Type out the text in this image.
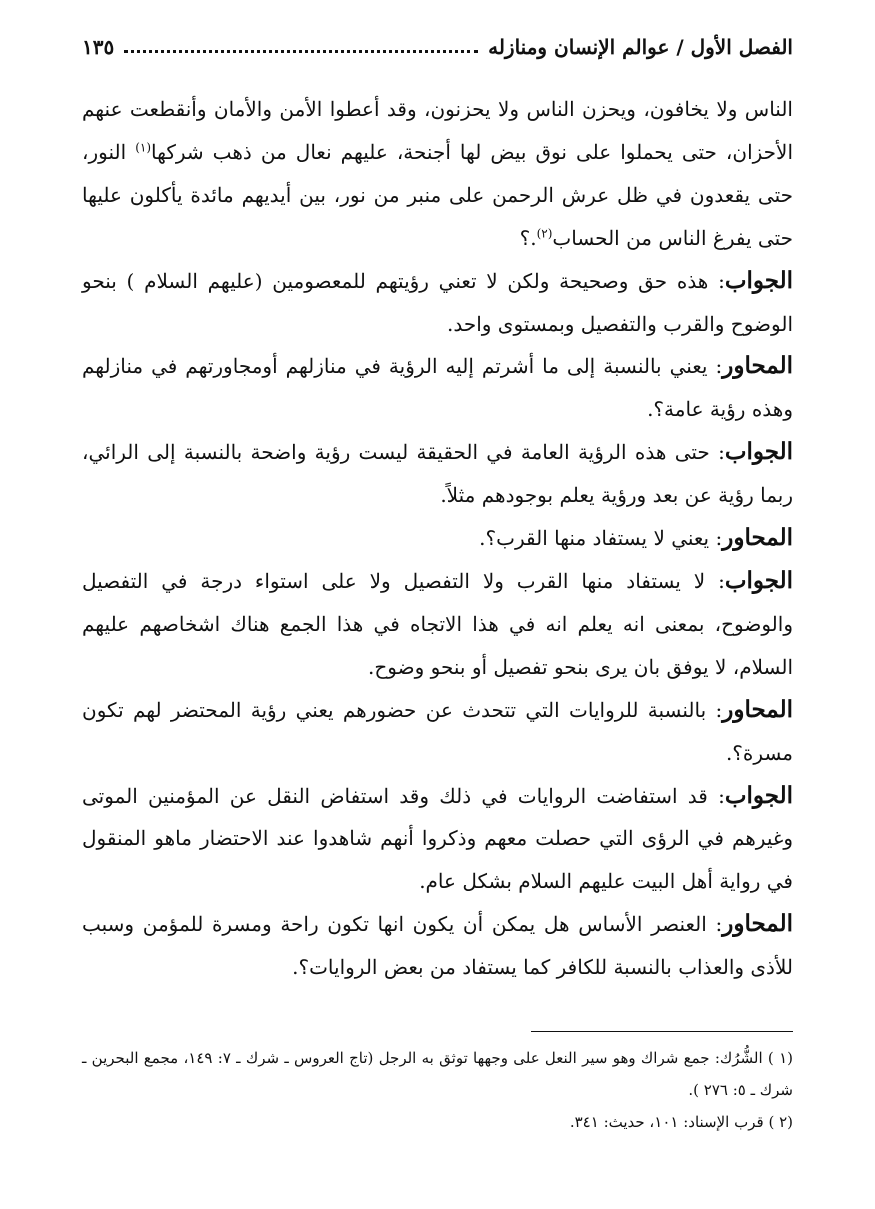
الفصل الأول / عوالم الإنسان ومنازله
١٣٥

الناس ولا يخافون، ويحزن الناس ولا يحزنون، وقد أعطوا الأمن والأمان وأنقطعت عنهم الأحزان، حتى يحملوا على نوق بيض لها أجنحة، عليهم نعال من ذهب شركها$^{(١)}$ النور، حتى يقعدون في ظل عرش الرحمن على منبر من نور، بين أيديهم مائدة يأكلون عليها حتى يفرغ الناس من الحساب$^{(٢)}$.؟

الجواب: هذه حق وصحيحة ولكن لا تعني رؤيتهم للمعصومين (عليهم السلام ) بنحو الوضوح والقرب والتفصيل وبمستوى واحد.

المحاور: يعني بالنسبة إلى ما أشرتم إليه الرؤية في منازلهم أومجاورتهم في منازلهم وهذه رؤية عامة؟.

الجواب: حتى هذه الرؤية العامة في الحقيقة ليست رؤية واضحة بالنسبة إلى الرائي، ربما رؤية عن بعد ورؤية يعلم بوجودهم مثلاً.

المحاور: يعني لا يستفاد منها القرب؟.

الجواب: لا يستفاد منها القرب ولا التفصيل ولا على استواء درجة في التفصيل والوضوح، بمعنى انه يعلم انه في هذا الاتجاه في هذا الجمع هناك اشخاصهم عليهم السلام، لا يوفق بان يرى بنحو تفصيل أو بنحو وضوح.

المحاور: بالنسبة للروايات التي تتحدث عن حضورهم يعني رؤية المحتضر لهم تكون مسرة؟.

الجواب: قد استفاضت الروايات في ذلك وقد استفاض النقل عن المؤمنين الموتى وغيرهم في الرؤى التي حصلت معهم وذكروا أنهم شاهدوا عند الاحتضار ماهو المنقول في رواية أهل البيت عليهم السلام بشكل عام.

المحاور: العنصر الأساس هل يمكن أن يكون انها تكون راحة ومسرة للمؤمن وسبب للأذى والعذاب بالنسبة للكافر كما يستفاد من بعض الروايات؟.

(١ ) الشُّرُك: جمع شراك وهو سير النعل على وجهها توثق به الرجل (تاج العروس ـ شرك ـ ٧: ١٤٩، مجمع البحرين ـ شرك ـ ٥: ٢٧٦ ).

(٢ ) قرب الإسناد: ١٠١، حديث: ٣٤١.
